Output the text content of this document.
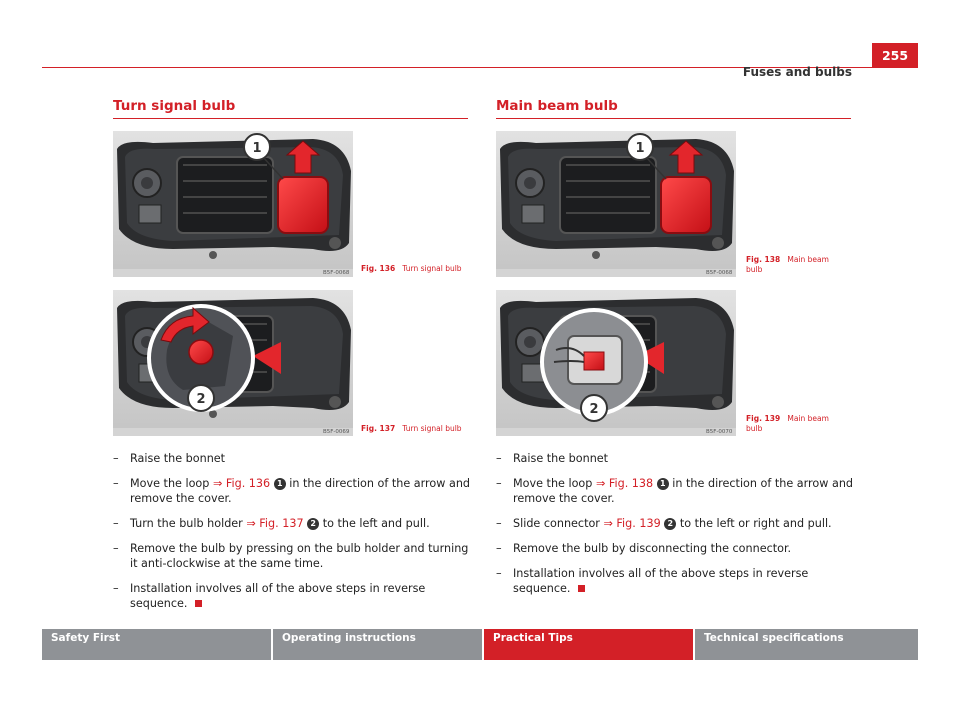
Fuses and bulbs
255
Turn signal bulb
1
B5F-0068 Fig. 136 Turn signal bulb
2
B5F-0069 Fig. 137 Turn signal bulb
– Raise the bonnet
– Move the loop ⇒ Fig. 136 1 in the direction of the arrow and remove the cover.
– Turn the bulb holder ⇒ Fig. 137 2 to the left and pull.
– Remove the bulb by pressing on the bulb holder and turning it anti-clockwise at the same time.
– Installation involves all of the above steps in reverse sequence.
Main beam bulb
1
B5F-0068
Fig. 138 Main beam bulb
2
B5F-0070
Fig. 139 Main beam bulb
– Raise the bonnet
– Move the loop ⇒ Fig. 138 1 in the direction of the arrow and remove the cover.
– Slide connector ⇒ Fig. 139 2 to the left or right and pull.
– Remove the bulb by disconnecting the connector.
– Installation involves all of the above steps in reverse sequence.
Safety First	Operating instructions	Practical Tips	Technical specifications
